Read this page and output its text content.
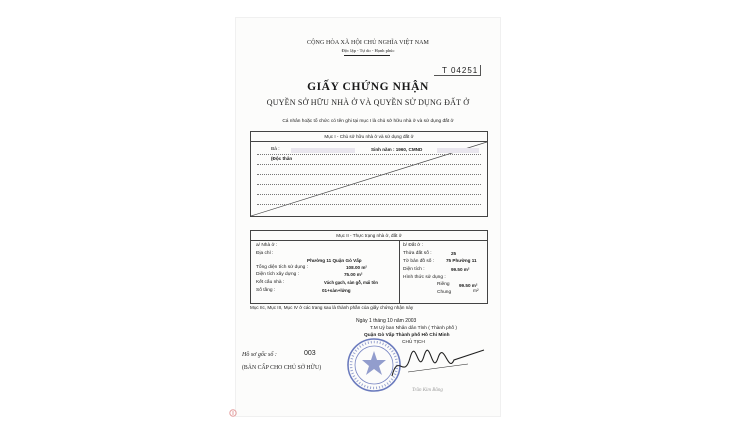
CỘNG HÒA XÃ HỘI CHỦ NGHĨA VIỆT NAM
Độc lập - Tự do - Hạnh phúc
T 04251
GIẤY CHỨNG NHẬN
QUYỀN SỞ HỮU NHÀ Ở VÀ QUYỀN SỬ DỤNG ĐẤT Ở
Cá nhân hoặc tổ chức có tên ghi tại mục I là chủ sở hữu nhà ở và sử dụng đất ở
Mục I - Chủ sở hữu nhà ở và sử dụng đất ở
Bà :	Sinh năm : 1960, CMND
(Độc thân
Mục II - Thực trạng nhà ở, đất ở
a/ Nhà ở :
Địa chỉ :
Phường 11 Quận Gò Vấp
Tổng diện tích sử dụng :	108.00 m²
Diện tích xây dựng :	75.00 m²
Kết cấu nhà :	Vách gạch, sàn gỗ, mái tôn
Số tầng :	01+sàn+lửng
b/ Đất ở :
Thửa đất số :	25
Tờ bản đồ số :	75 Phường 11
Diện tích :	99.50 m²
Hình thức sử dụng :
Riêng 99.50 m²
Chung	m²
Mục IIc, Mục III, Mục IV ở các trang sau là thành phần của giấy chứng nhận này
Ngày 1 tháng 10 năm 2003
T.M Uỷ ban Nhân dân Tỉnh ( Thành phố )
Quận Gò Vấp Thành phố Hồ Chí Minh
CHỦ TỊCH
Trần Kim Bằng
Hồ sơ gốc số :	003
(BẢN CẤP CHO CHỦ SỞ HỮU)
